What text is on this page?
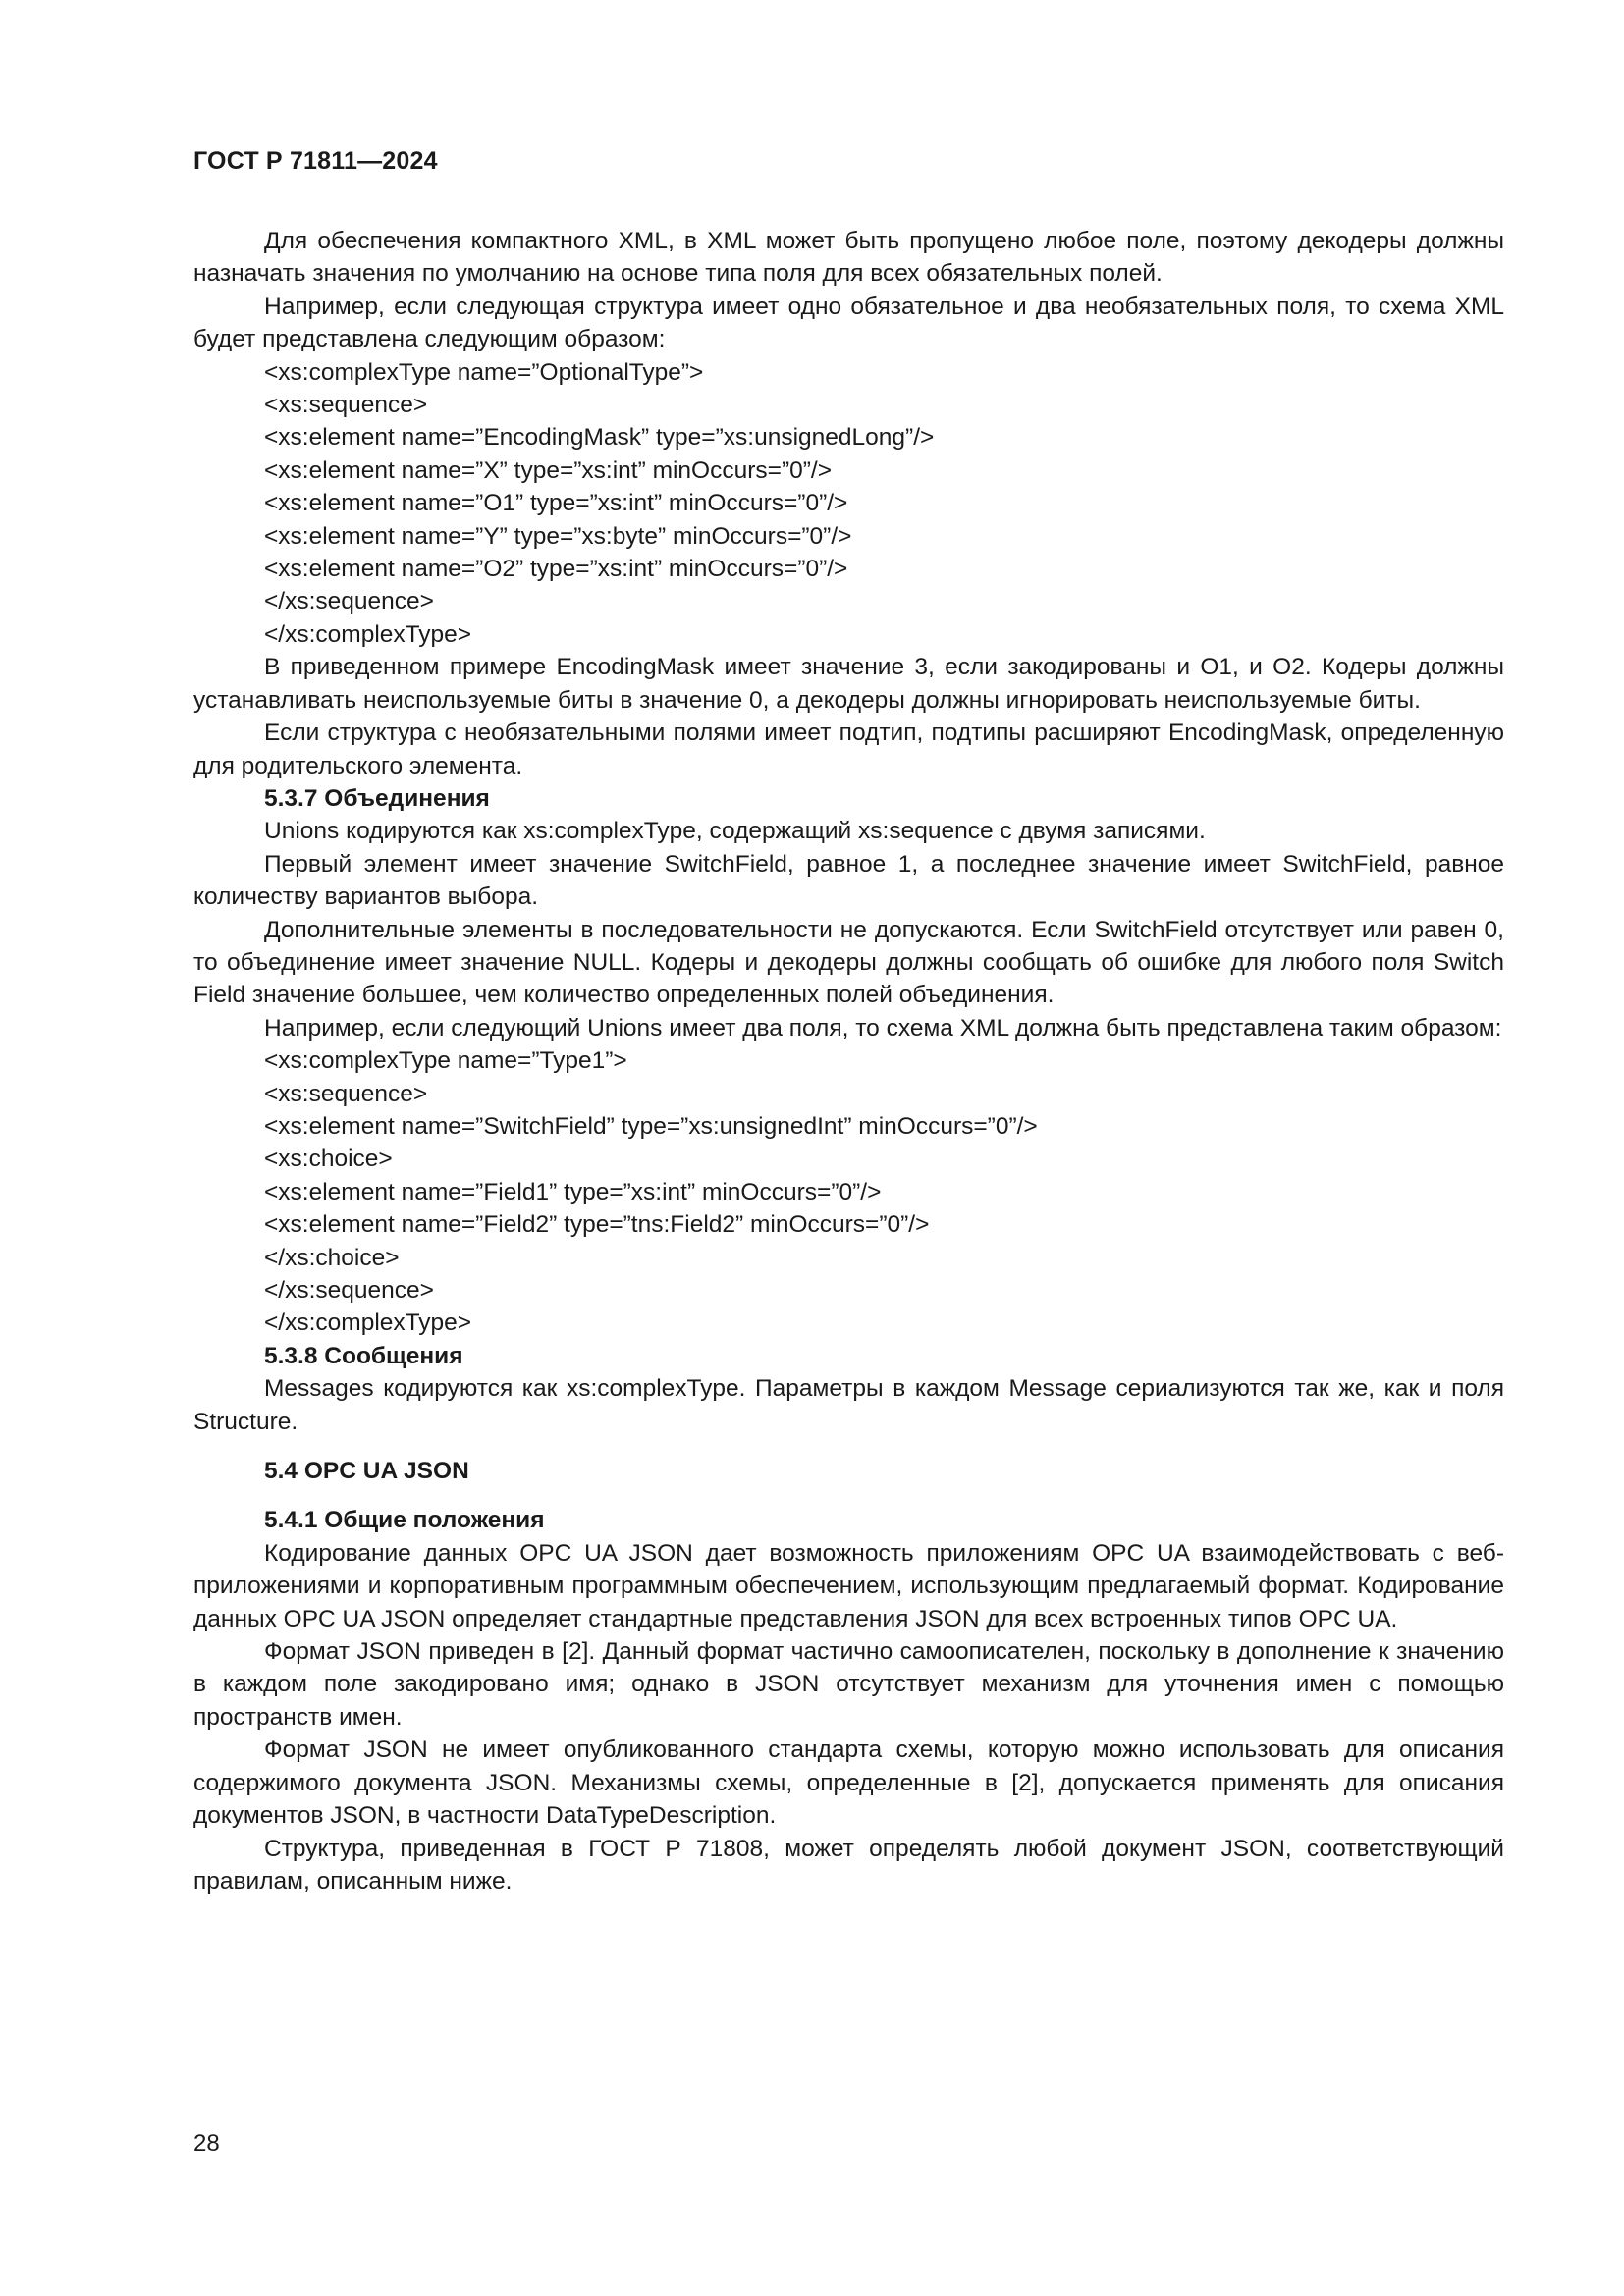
ГОСТ Р 71811—2024

Для обеспечения компактного XML, в XML может быть пропущено любое поле, поэтому декодеры должны назначать значения по умолчанию на основе типа поля для всех обязательных полей.

Например, если следующая структура имеет одно обязательное и два необязательных поля, то схема XML будет представлена следующим образом:

<xs:complexType name=”OptionalType”>
<xs:sequence>
<xs:element name=”EncodingMask” type=”xs:unsignedLong”/>
<xs:element name=”X” type=”xs:int” minOccurs=”0”/>
<xs:element name=”O1” type=”xs:int” minOccurs=”0”/>
<xs:element name=”Y” type=”xs:byte” minOccurs=”0”/>
<xs:element name=”O2” type=”xs:int” minOccurs=”0”/>
</xs:sequence>
</xs:complexType>

В приведенном примере EncodingMask имеет значение 3, если закодированы и O1, и O2. Кодеры должны устанавливать неиспользуемые биты в значение 0, а декодеры должны игнорировать неиспользуемые биты.

Если структура с необязательными полями имеет подтип, подтипы расширяют EncodingMask, определенную для родительского элемента.

5.3.7 Объединения

Unions кодируются как xs:complexType, содержащий xs:sequence с двумя записями.

Первый элемент имеет значение SwitchField, равное 1, а последнее значение имеет SwitchField, равное количеству вариантов выбора.

Дополнительные элементы в последовательности не допускаются. Если SwitchField отсутствует или равен 0, то объединение имеет значение NULL. Кодеры и декодеры должны сообщать об ошибке для любого поля Switch Field значение большее, чем количество определенных полей объединения.

Например, если следующий Unions имеет два поля, то схема XML должна быть представлена таким образом:

<xs:complexType name=”Type1”>
<xs:sequence>
<xs:element name=”SwitchField” type=”xs:unsignedInt” minOccurs=”0”/>
<xs:choice>
<xs:element name=”Field1” type=”xs:int” minOccurs=”0”/>
<xs:element name=”Field2” type=”tns:Field2” minOccurs=”0”/>
</xs:choice>
</xs:sequence>
</xs:complexType>
5.3.8 Сообщения

Messages кодируются как xs:complexType. Параметры в каждом Message сериализуются так же, как и поля Structure.

5.4 OPC UA JSON
5.4.1 Общие положения

Кодирование данных OPC UA JSON дает возможность приложениям OPC UA взаимодействовать с веб-приложениями и корпоративным программным обеспечением, использующим предлагаемый формат. Кодирование данных OPC UA JSON определяет стандартные представления JSON для всех встроенных типов OPC UA.

Формат JSON приведен в [2]. Данный формат частично самоописателен, поскольку в дополнение к значению в каждом поле закодировано имя; однако в JSON отсутствует механизм для уточнения имен с помощью пространств имен.

Формат JSON не имеет опубликованного стандарта схемы, которую можно использовать для описания содержимого документа JSON. Механизмы схемы, определенные в [2], допускается применять для описания документов JSON, в частности DataTypeDescription.

Структура, приведенная в ГОСТ Р 71808, может определять любой документ JSON, соответствующий правилам, описанным ниже.

28
